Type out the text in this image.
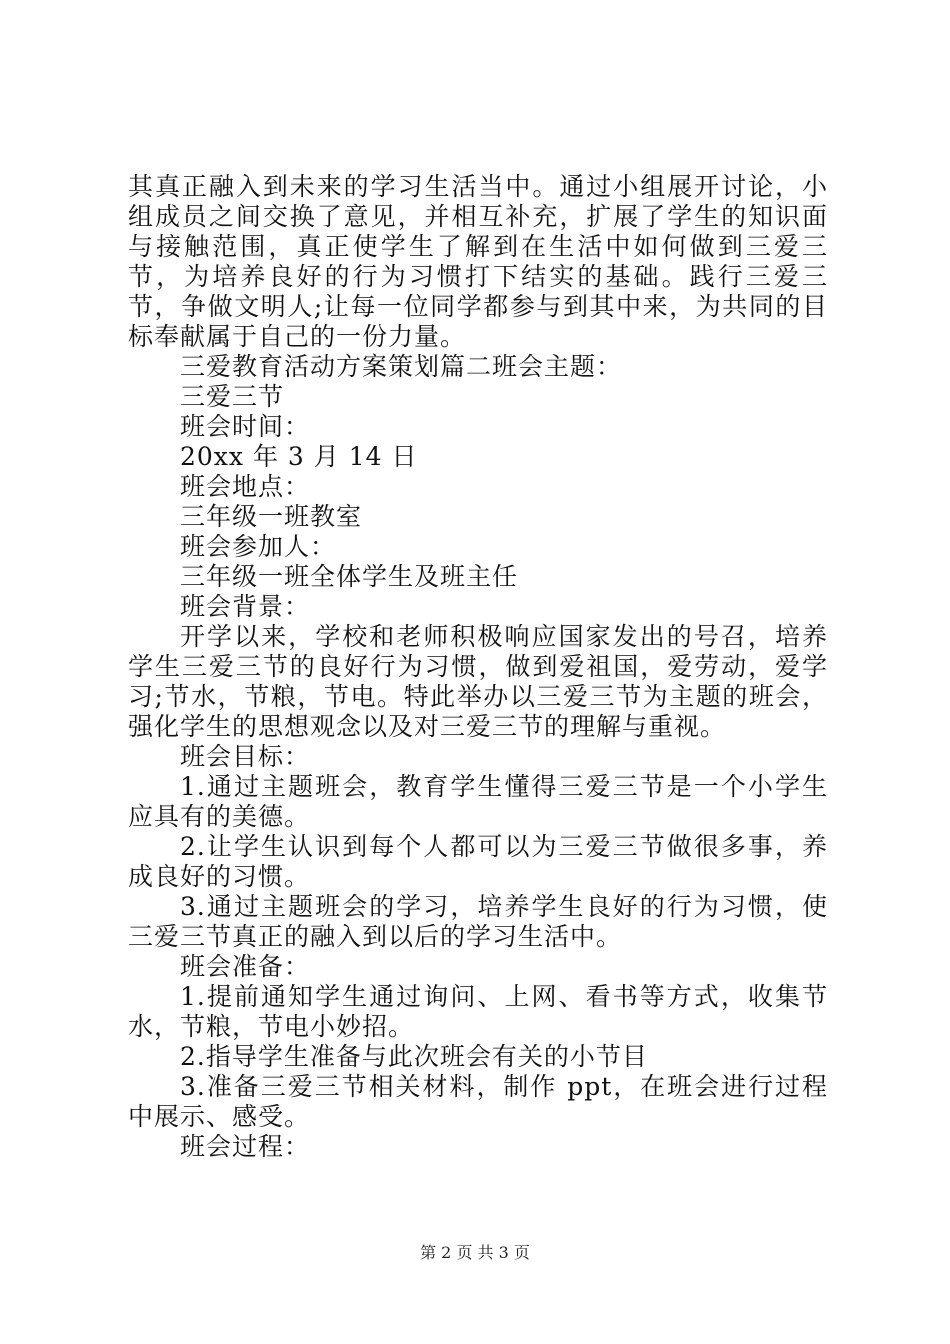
其真正融入到未来的学习生活当中。通过小组展开讨论，小组成员之间交换了意见，并相互补充，扩展了学生的知识面与接触范围，真正使学生了解到在生活中如何做到三爱三节，为培养良好的行为习惯打下结实的基础。践行三爱三节，争做文明人;让每一位同学都参与到其中来，为共同的目标奉献属于自己的一份力量。

三爱教育活动方案策划篇二班会主题：

三爱三节

班会时间：

20xx 年 3 月 14 日

班会地点：

三年级一班教室

班会参加人：

三年级一班全体学生及班主任

班会背景：

开学以来，学校和老师积极响应国家发出的号召，培养学生三爱三节的良好行为习惯，做到爱祖国，爱劳动，爱学习;节水，节粮，节电。特此举办以三爱三节为主题的班会，强化学生的思想观念以及对三爱三节的理解与重视。

班会目标：

1.通过主题班会，教育学生懂得三爱三节是一个小学生应具有的美德。

2.让学生认识到每个人都可以为三爱三节做很多事，养成良好的习惯。

3.通过主题班会的学习，培养学生良好的行为习惯，使三爱三节真正的融入到以后的学习生活中。

班会准备：

1.提前通知学生通过询问、上网、看书等方式，收集节水，节粮，节电小妙招。

2.指导学生准备与此次班会有关的小节目

3.准备三爱三节相关材料，制作 ppt，在班会进行过程中展示、感受。

班会过程：

第 2 页 共 3 页
